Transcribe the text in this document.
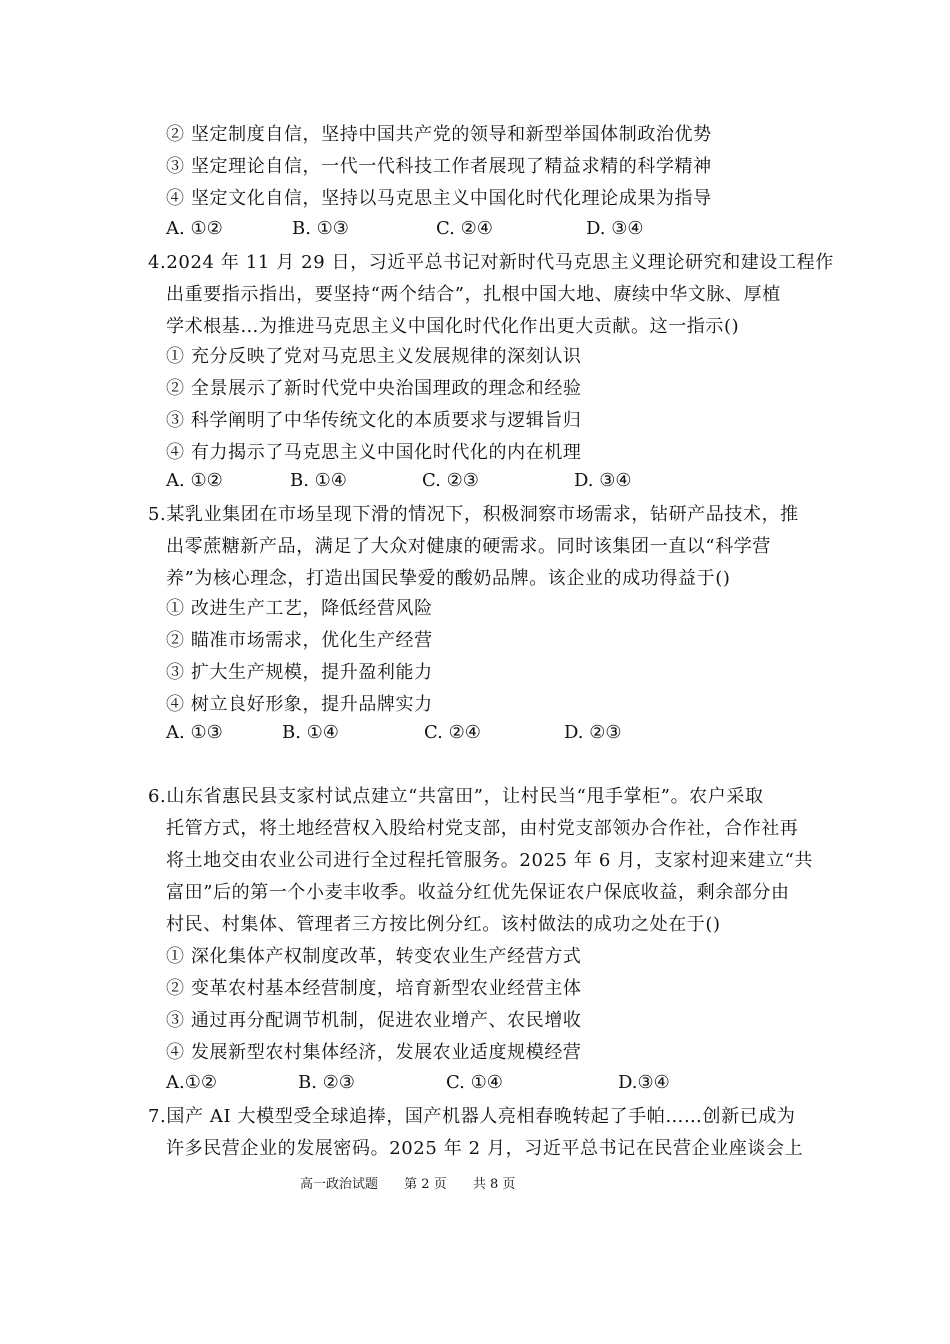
② 坚定制度自信，坚持中国共产党的领导和新型举国体制政治优势
③ 坚定理论自信，一代一代科技工作者展现了精益求精的科学精神
④ 坚定文化自信，坚持以马克思主义中国化时代化理论成果为指导
A. ①②	B. ①③	C. ②④	D. ③④
4.2024 年 11 月 29 日，习近平总书记对新时代马克思主义理论研究和建设工程作
出重要指示指出，要坚持“两个结合”，扎根中国大地、赓续中华文脉、厚植
学术根基…为推进马克思主义中国化时代化作出更大贡献。这一指示()
① 充分反映了党对马克思主义发展规律的深刻认识
② 全景展示了新时代党中央治国理政的理念和经验
③ 科学阐明了中华传统文化的本质要求与逻辑旨归
④ 有力揭示了马克思主义中国化时代化的内在机理
A. ①②	B. ①④	C. ②③	D. ③④
5.某乳业集团在市场呈现下滑的情况下，积极洞察市场需求，钻研产品技术，推
出零蔗糖新产品，满足了大众对健康的硬需求。同时该集团一直以“科学营
养”为核心理念，打造出国民挚爱的酸奶品牌。该企业的成功得益于()
① 改进生产工艺，降低经营风险
② 瞄准市场需求，优化生产经营
③ 扩大生产规模，提升盈利能力
④ 树立良好形象，提升品牌实力
A. ①③	B. ①④	C. ②④	D. ②③
6.山东省惠民县支家村试点建立“共富田”，让村民当“甩手掌柜”。农户采取
托管方式，将土地经营权入股给村党支部，由村党支部领办合作社，合作社再
将土地交由农业公司进行全过程托管服务。2025 年 6 月，支家村迎来建立“共
富田”后的第一个小麦丰收季。收益分红优先保证农户保底收益，剩余部分由
村民、村集体、管理者三方按比例分红。该村做法的成功之处在于()
① 深化集体产权制度改革，转变农业生产经营方式
② 变革农村基本经营制度，培育新型农业经营主体
③ 通过再分配调节机制，促进农业增产、农民增收
④ 发展新型农村集体经济，发展农业适度规模经营
A.①②	B. ②③	C. ①④	D.③④
7.国产 AI 大模型受全球追捧，国产机器人亮相春晚转起了手帕……创新已成为
许多民营企业的发展密码。2025 年 2 月，习近平总书记在民营企业座谈会上
高一政治试题 第 2 页 共 8 页
